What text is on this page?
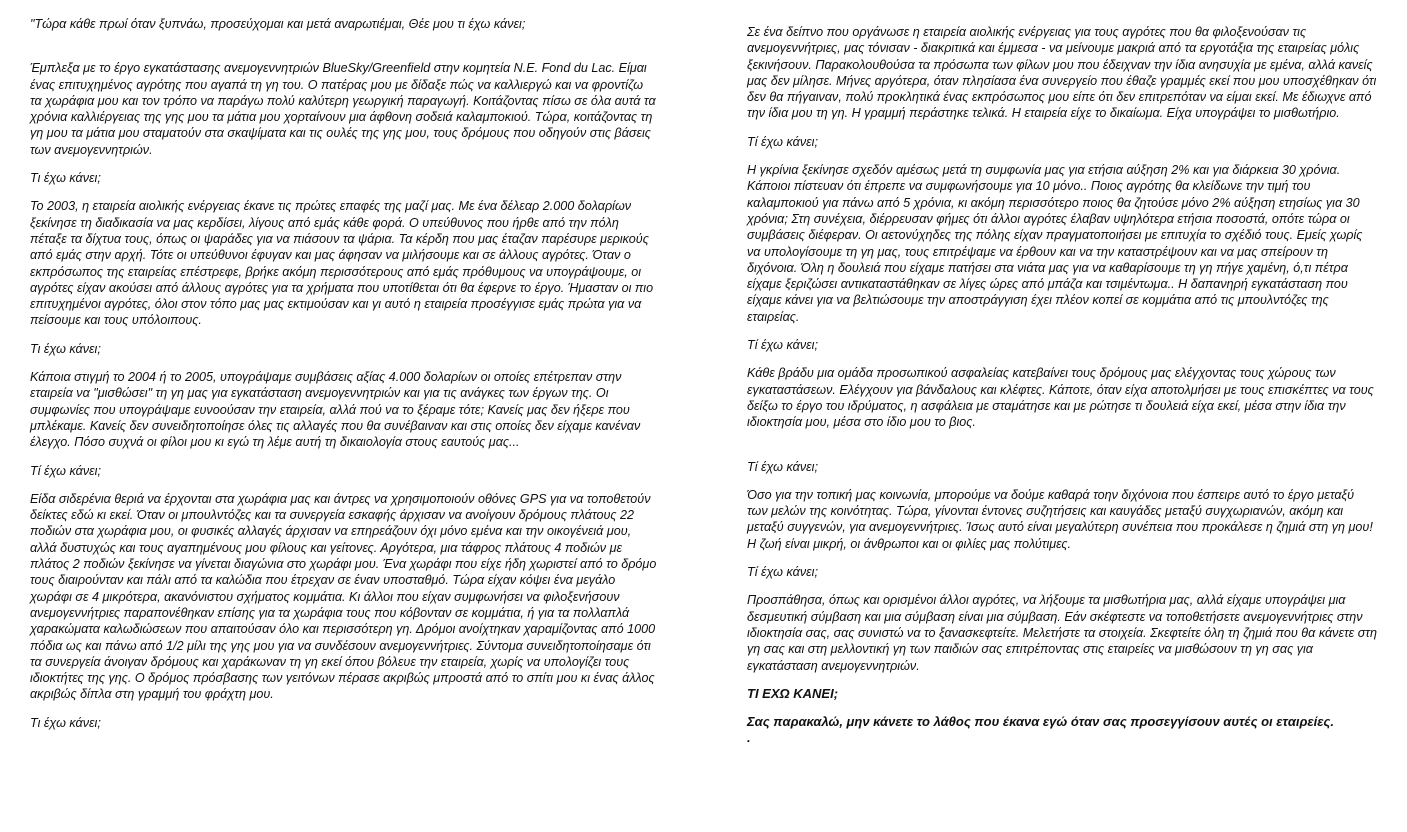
"Τώρα κάθε πρωί όταν ξυπνάω, προσεύχομαι και μετά αναρωτιέμαι, Θέε μου τι έχω κάνει;

Έμπλεξα με το έργο εγκατάστασης ανεμογεννητριών BlueSky/Greenfield στην κομητεία N.E. Fond du Lac. Είμαι ένας επιτυχημένος αγρότης που αγαπά τη γη του. Ο πατέρας μου με δίδαξε πώς να καλλιεργώ και να φροντίζω τα χωράφια μου και τον τρόπο να παράγω πολύ καλύτερη γεωργική παραγωγή. Κοιτάζοντας πίσω σε όλα αυτά τα χρόνια καλλιέργειας της γης μου τα μάτια μου χορταίνουν μια άφθονη σοδειά καλαμποκιού. Τώρα, κοιτάζοντας τη γη μου τα μάτια μου σταματούν στα σκαψίματα και τις ουλές της γης μου, τους δρόμους που οδηγούν στις βάσεις των ανεμογεννητριών.

Τι έχω κάνει;

Το 2003, η εταιρεία αιολικής ενέργειας έκανε τις πρώτες επαφές της μαζί μας. Με ένα δέλεαρ 2.000 δολαρίων ξεκίνησε τη διαδικασία να μας κερδίσει, λίγους από εμάς κάθε φορά. Ο υπεύθυνος που ήρθε από την πόλη πέταξε τα δίχτυα τους, όπως οι ψαράδες για να πιάσουν τα ψάρια. Τα κέρδη που μας έταζαν παρέσυρε μερικούς από εμάς στην αρχή. Τότε οι υπεύθυνοι έφυγαν και μας άφησαν να μιλήσουμε και σε άλλους αγρότες. Όταν ο εκπρόσωπος της εταιρείας επέστρεφε, βρήκε ακόμη περισσότερους από εμάς πρόθυμους να υπογράψουμε, οι αγρότες είχαν ακούσει από άλλους αγρότες για τα χρήματα που υποτίθεται ότι θα έφερνε το έργο. Ήμασταν οι πιο επιτυχημένοι αγρότες, όλοι στον τόπο μας μας εκτιμούσαν και γι αυτό η εταιρεία προσέγγισε εμάς πρώτα για να πείσουμε και τους υπόλοιπους.

Τι έχω κάνει;

Κάποια στιγμή το 2004 ή το 2005, υπογράψαμε συμβάσεις αξίας 4.000 δολαρίων οι οποίες επέτρεπαν στην εταιρεία να "μισθώσει" τη γη μας για εγκατάσταση ανεμογεννητριών και για τις ανάγκες των έργων της. Οι συμφωνίες που υπογράψαμε ευνοούσαν την εταιρεία, αλλά πού να το ξέραμε τότε; Κανείς μας δεν ήξερε που μπλέκαμε. Κανείς δεν συνειδητοποίησε όλες τις αλλαγές που θα συνέβαιναν και στις οποίες δεν είχαμε κανέναν έλεγχο. Πόσο συχνά οι φίλοι μου κι εγώ τη λέμε αυτή τη δικαιολογία στους εαυτούς μας...

Τί έχω κάνει;

Είδα σιδερένια θεριά να έρχονται στα χωράφια μας και άντρες να χρησιμοποιούν οθόνες GPS για να τοποθετούν δείκτες εδώ κι εκεί. Όταν οι μπουλντόζες και τα συνεργεία εσκαφής άρχισαν να ανοίγουν δρόμους πλάτους 22 ποδιών στα χωράφια μου, οι φυσικές αλλαγές άρχισαν να επηρεάζουν όχι μόνο εμένα και την οικογένειά μου, αλλά δυστυχώς και τους αγαπημένους μου φίλους και γείτονες. Αργότερα, μια τάφρος πλάτους 4 ποδιών με πλάτος 2 ποδιών ξεκίνησε να γίνεται διαγώνια στο χωράφι μου. Ένα χωράφι που είχε ήδη χωριστεί από το δρόμο τους διαιρούνταν και πάλι από τα καλώδια που έτρεχαν σε έναν υποσταθμό. Τώρα είχαν κόψει ένα μεγάλο χωράφι σε 4 μικρότερα, ακανόνιστου σχήματος κομμάτια. Κι άλλοι που είχαν συμφωνήσει να φιλοξενήσουν ανεμογεννήτριες παραπονέθηκαν επίσης για τα χωράφια τους που κόβονταν σε κομμάτια, ή για τα πολλαπλά χαρακώματα καλωδιώσεων που απαιτούσαν όλο και περισσότερη γη. Δρόμοι ανοίχτηκαν χαραμίζοντας από 1000 πόδια ως και πάνω από 1/2 μίλι της γης μου για να συνδέσουν ανεμογεννήτριες. Σύντομα συνειδητοποίησαμε ότι τα συνεργεία άνοιγαν δρόμους και χαράκωναν τη γη εκεί όπου βόλευε την εταιρεία, χωρίς να υπολογίζει τους ιδιοκτήτες της γης. Ο δρόμος πρόσβασης των γειτόνων πέρασε ακριβώς μπροστά από το σπίτι μου κι ένας άλλος ακριβώς δίπλα στη γραμμή του φράχτη μου.

Τι έχω κάνει;

Σε ένα δείπνο που οργάνωσε η εταιρεία αιολικής ενέργειας για τους αγρότες που θα φιλοξενούσαν τις ανεμογεννήτριες, μας τόνισαν - διακριτικά και έμμεσα - να μείνουμε μακριά από τα εργοτάξια της εταιρείας μόλις ξεκινήσουν. Παρακολουθούσα τα πρόσωπα των φίλων μου που έδειχναν την ίδια ανησυχία με εμένα, αλλά κανείς μας δεν μίλησε. Μήνες αργότερα, όταν πλησίασα ένα συνεργείο που έθαζε γραμμές εκεί που μου υποσχέθηκαν ότι δεν θα πήγαιναν, πολύ προκλητικά ένας εκπρόσωπος μου είπε ότι δεν επιτρεπόταν να είμαι εκεί. Με έδιωχνε από την ίδια μου τη γη. Η γραμμή περάστηκε τελικά. Η εταιρεία είχε το δικαίωμα. Είχα υπογράψει το μισθωτήριο.

Τί έχω κάνει;

Η γκρίνια ξεκίνησε σχεδόν αμέσως μετά τη συμφωνία μας για ετήσια αύξηση 2% και για διάρκεια 30 χρόνια. Κάποιοι πίστευαν ότι έπρεπε να συμφωνήσουμε για 10 μόνο.. Ποιος αγρότης θα κλείδωνε την τιμή του καλαμποκιού για πάνω από 5 χρόνια, κι ακόμη περισσότερο ποιος θα ζητούσε μόνο 2% αύξηση ετησίως για 30 χρόνια; Στη συνέχεια, διέρρευσαν φήμες ότι άλλοι αγρότες έλαβαν υψηλότερα ετήσια ποσοστά, οπότε τώρα οι συμβάσεις διέφεραν. Οι αετονύχηδες της πόλης είχαν πραγματοποιήσει με επιτυχία το σχέδιό τους. Εμείς χωρίς να υπολογίσουμε τη γη μας, τους επιτρέψαμε να έρθουν και να την καταστρέψουν και να μας σπείρουν τη διχόνοια. Όλη η δουλειά που είχαμε πατήσει στα νιάτα μας για να καθαρίσουμε τη γη πήγε χαμένη, ό,τι πέτρα είχαμε ξεριζώσει αντικαταστάθηκαν σε λίγες ώρες από μπάζα και τσιμέντωμα.. Η δαπανηρή εγκατάσταση που είχαμε κάνει για να βελτιώσουμε την αποστράγγιση έχει πλέον κοπεί σε κομμάτια από τις μπουλντόζες της εταιρείας.

Τί έχω κάνει;

Κάθε βράδυ μια ομάδα προσωπικού ασφαλείας κατεβαίνει τους δρόμους μας ελέγχοντας τους χώρους των εγκαταστάσεων. Ελέγχουν για βάνδαλους και κλέφτες. Κάποτε, όταν είχα αποτολμήσει με τους επισκέπτες να τους δείξω το έργο του ιδρύματος, η ασφάλεια με σταμάτησε και με ρώτησε τι δουλειά είχα εκεί, μέσα στην ίδια την ιδιοκτησία μου, μέσα στο ίδιο μου το βιος.

Τί έχω κάνει;

Όσο για την τοπική μας κοινωνία, μπορούμε να δούμε καθαρά τοην διχόνοια που έσπειρε αυτό το έργο μεταξύ των μελών της κοινότητας. Τώρα, γίνονται έντονες συζητήσεις και καυγάδες μεταξύ συγχωριανών, ακόμη και μεταξύ συγγενών, για ανεμογεννήτριες. Ίσως αυτό είναι μεγαλύτερη συνέπεια που προκάλεσε η ζημιά στη γη μου! Η ζωή είναι μικρή, οι άνθρωποι και οι φιλίες μας πολύτιμες.

Τί έχω κάνει;

Προσπάθησα, όπως και ορισμένοι άλλοι αγρότες, να λήξουμε τα μισθωτήρια μας, αλλά είχαμε υπογράψει μια δεσμευτική σύμβαση και μια σύμβαση είναι μια σύμβαση. Εάν σκέφτεστε να τοποθετήσετε ανεμογεννήτριες στην ιδιοκτησία σας, σας συνιστώ να το ξανασκεφτείτε. Μελετήστε τα στοιχεία. Σκεφτείτε όλη τη ζημιά που θα κάνετε στη γη σας και στη μελλοντική γη των παιδιών σας επιτρέποντας στις εταιρείες να μισθώσουν τη γη σας για εγκατάσταση ανεμογεννητριών.

ΤΙ ΕΧΩ ΚΑΝΕΙ;

Σας παρακαλώ, μην κάνετε το λάθος που έκανα εγώ όταν σας προσεγγίσουν αυτές οι εταιρείες.

.
